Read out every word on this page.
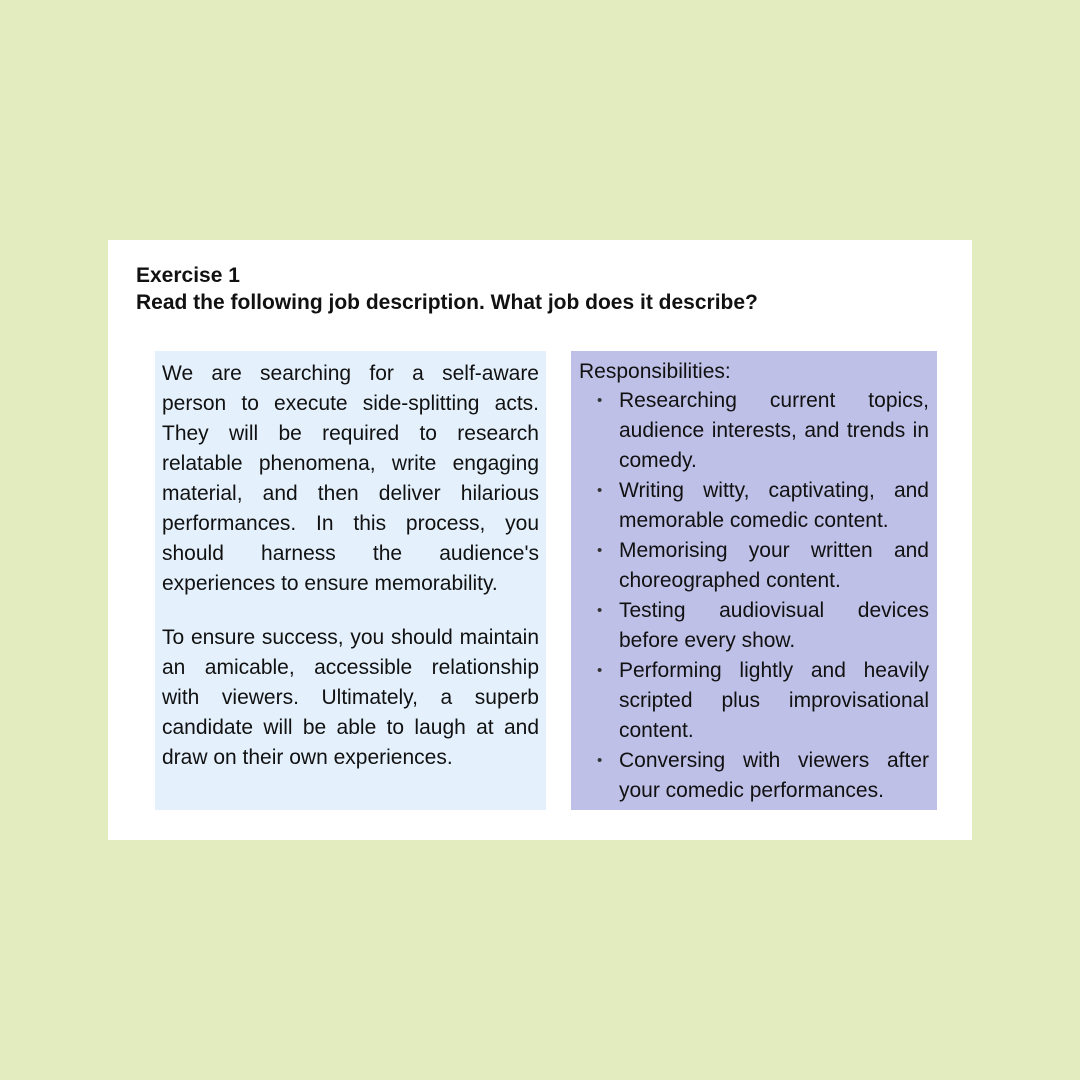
Exercise 1
Read the following job description. What job does it describe?

We are searching for a self-aware person to execute side-splitting acts. They will be required to research relatable phenomena, write engaging material, and then deliver hilarious performances. In this process, you should harness the audience's experiences to ensure memorability.

To ensure success, you should maintain an amicable, accessible relationship with viewers. Ultimately, a superb candidate will be able to laugh at and draw on their own experiences.

Responsibilities:
• Researching current topics, audience interests, and trends in comedy.
• Writing witty, captivating, and memorable comedic content.
• Memorising your written and choreographed content.
• Testing audiovisual devices before every show.
• Performing lightly and heavily scripted plus improvisational content.
• Conversing with viewers after your comedic performances.
